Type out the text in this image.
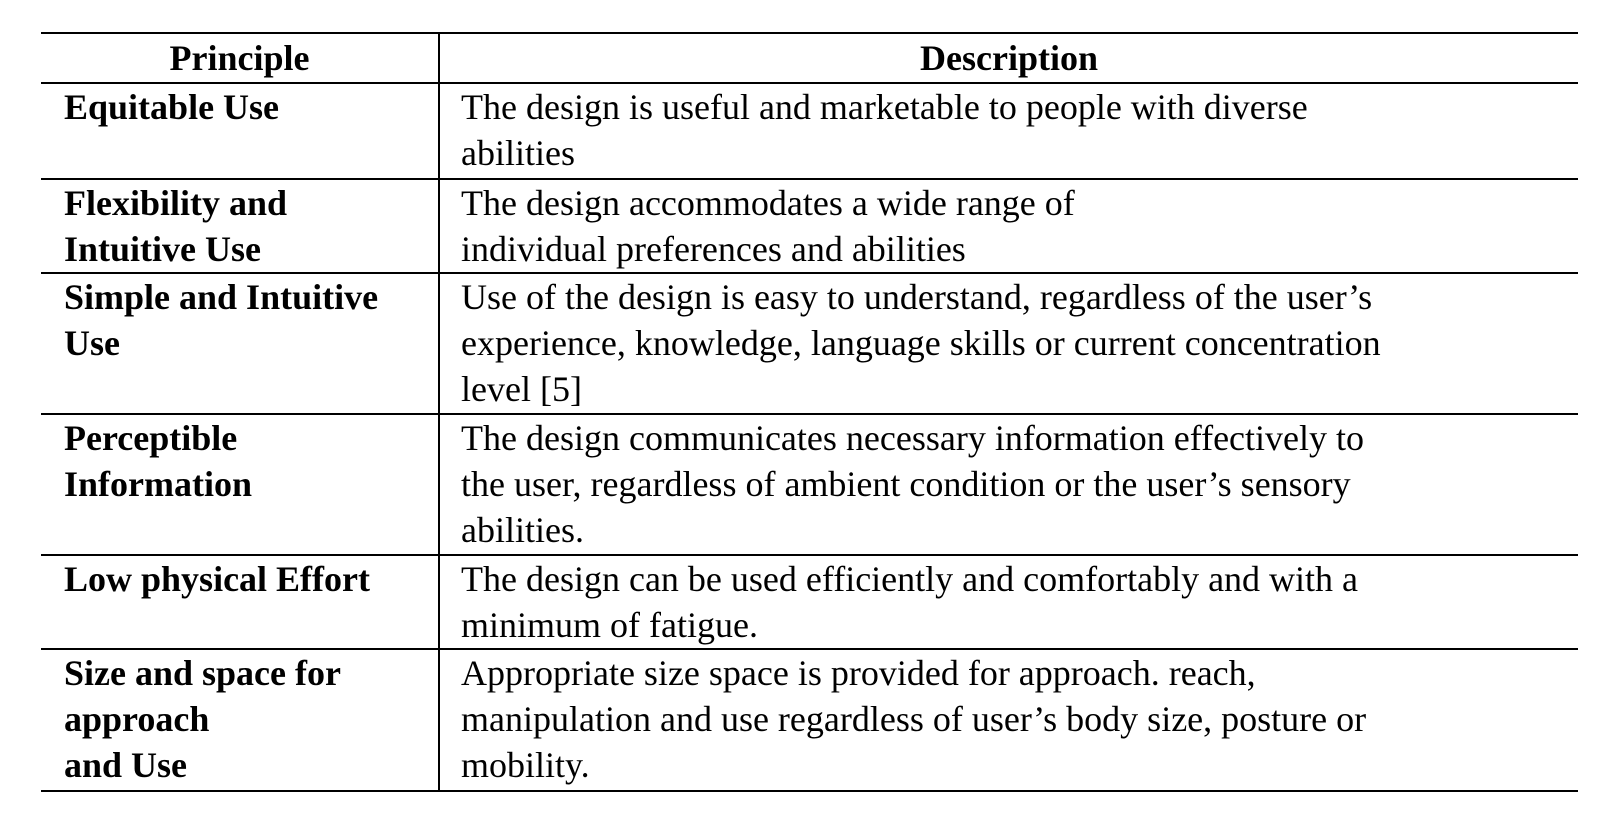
Principle	Description

Equitable Use	The design is useful and marketable to people with diverse
abilities

Flexibility and
Intuitive Use	The design accommodates a wide range of
individual preferences and abilities

Simple and Intuitive
Use	Use of the design is easy to understand, regardless of the user’s
experience, knowledge, language skills or current concentration
level [5]

Perceptible
Information	The design communicates necessary information effectively to
the user, regardless of ambient condition or the user’s sensory
abilities.

Low physical Effort	The design can be used efficiently and comfortably and with a
minimum of fatigue.

Size and space for
approach
and Use	Appropriate size space is provided for approach. reach,
manipulation and use regardless of user’s body size, posture or
mobility.
